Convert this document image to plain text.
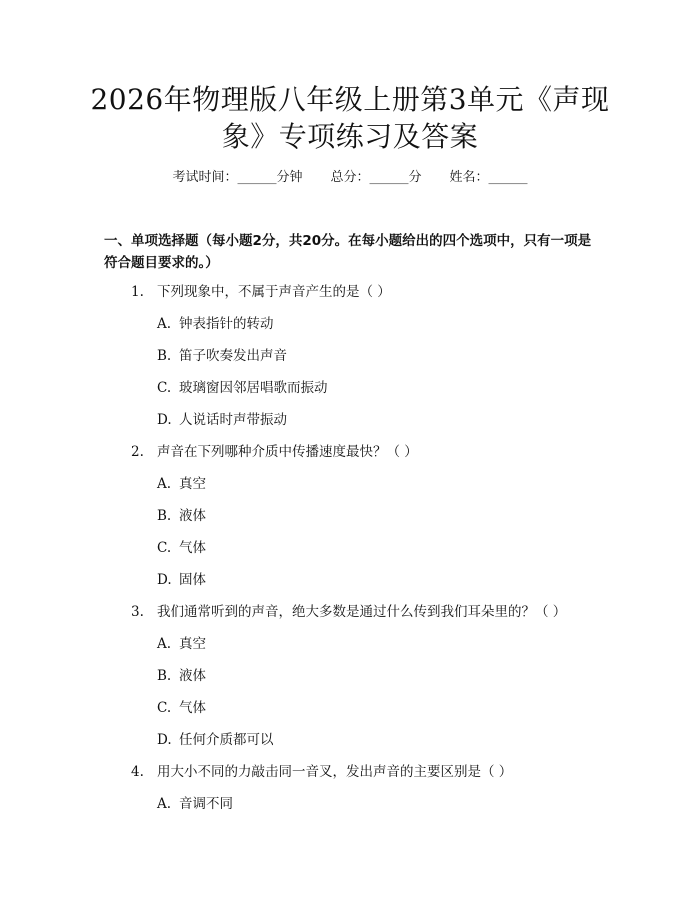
2026年物理版八年级上册第3单元《声现
象》专项练习及答案
考试时间：______分钟 总分：______分 姓名：______

一、单项选择题（每小题2分，共20分。在每小题给出的四个选项中，只有一项是符合题目要求的。）

1. 下列现象中，不属于声音产生的是（ ）
A. 钟表指针的转动
B. 笛子吹奏发出声音
C. 玻璃窗因邻居唱歌而振动
D. 人说话时声带振动
2. 声音在下列哪种介质中传播速度最快？（ ）
A. 真空
B. 液体
C. 气体
D. 固体
3. 我们通常听到的声音，绝大多数是通过什么传到我们耳朵里的？（ ）
A. 真空
B. 液体
C. 气体
D. 任何介质都可以
4. 用大小不同的力敲击同一音叉，发出声音的主要区别是（ ）
A. 音调不同
